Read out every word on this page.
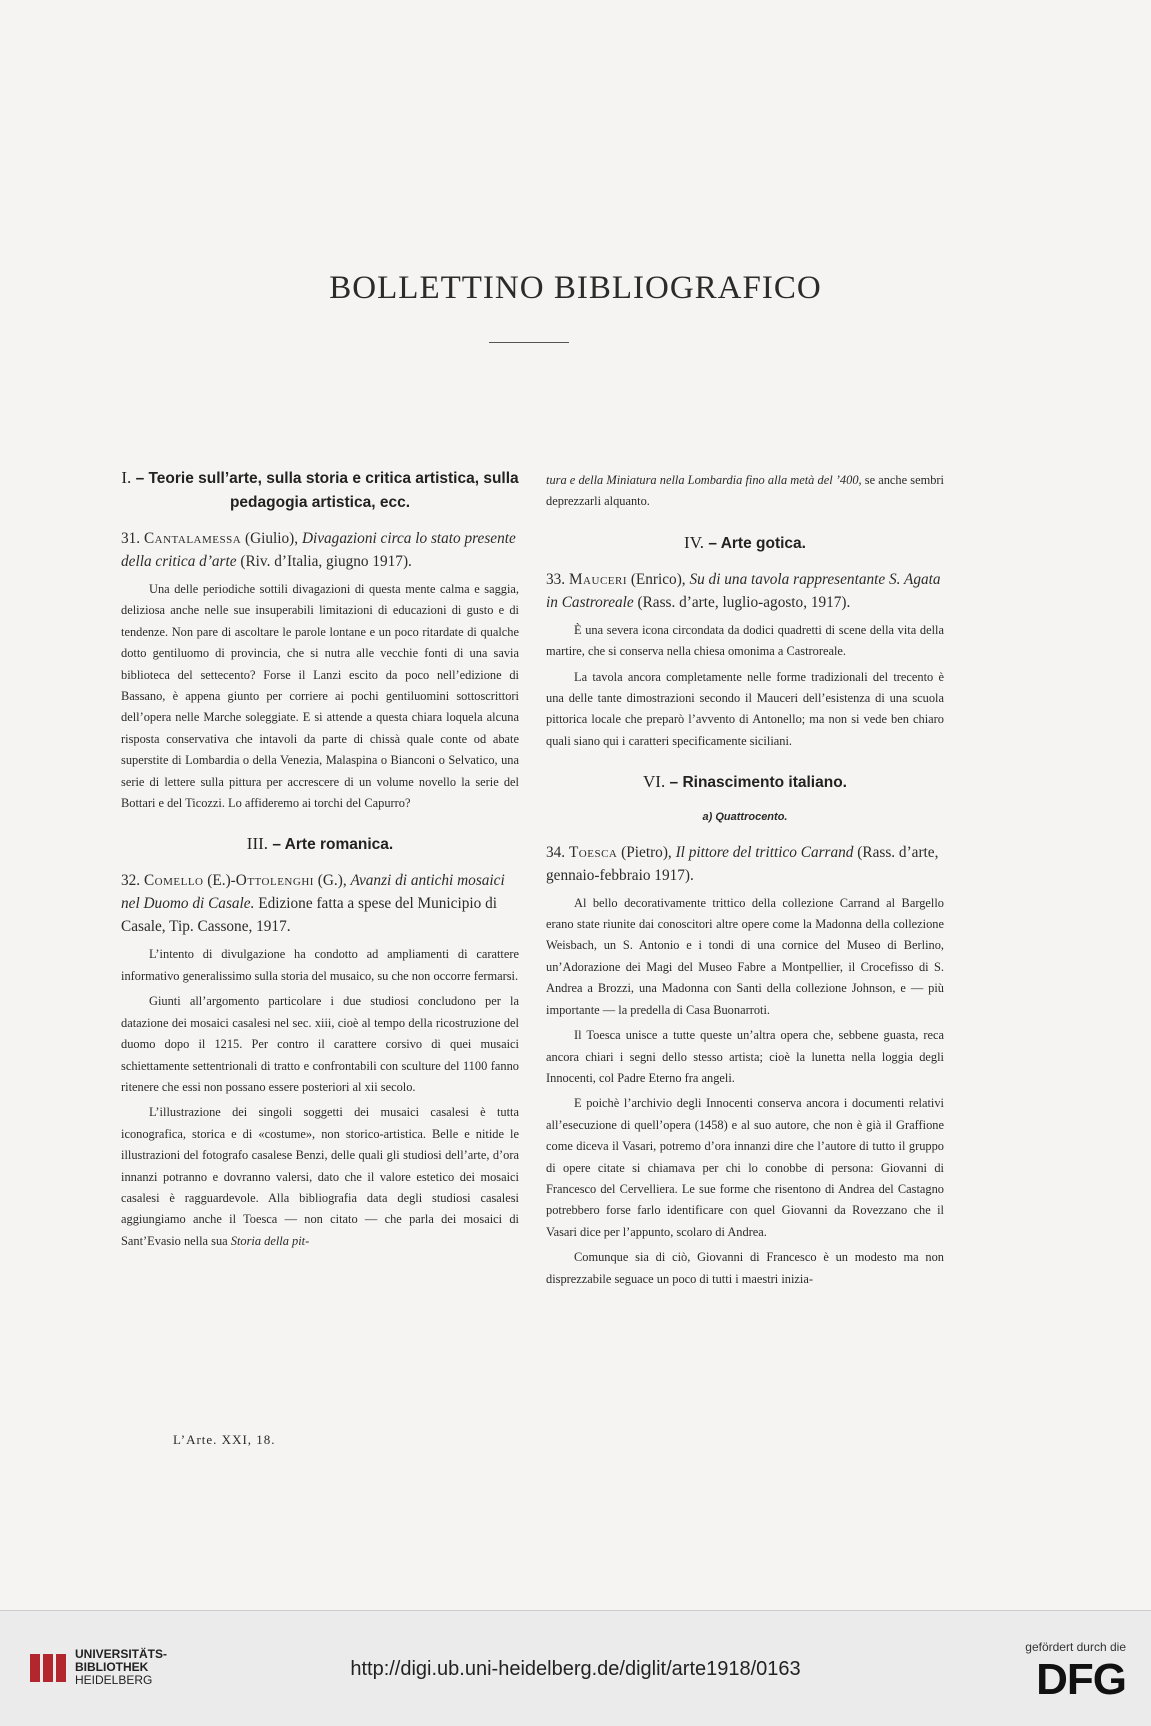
BOLLETTINO BIBLIOGRAFICO
I. – Teorie sull’arte, sulla storia e critica artistica, sulla pedagogia artistica, ecc.
31. Cantalamessa (Giulio), Divagazioni circa lo stato presente della critica d’arte (Riv. d’Italia, giugno 1917).

Una delle periodiche sottili divagazioni di questa mente calma e saggia, deliziosa anche nelle sue insuperabili limitazioni di educazioni di gusto e di tendenze. Non pare di ascoltare le parole lontane e un poco ritardate di qualche dotto gentiluomo di provincia, che si nutra alle vecchie fonti di una savia biblioteca del settecento? Forse il Lanzi escito da poco nell’edizione di Bassano, è appena giunto per corriere ai pochi gentiluomini sottoscrittori dell’opera nelle Marche soleggiate. E si attende a questa chiara loquela alcuna risposta conservativa che intavoli da parte di chissà quale conte od abate superstite di Lombardia o della Venezia, Malaspina o Bianconi o Selvatico, una serie di lettere sulla pittura per accrescere di un volume novello la serie del Bottari e del Ticozzi. Lo affideremo ai torchi del Capurro?

III. – Arte romanica.
32. Comello (E.)-Ottolenghi (G.), Avanzi di antichi mosaici nel Duomo di Casale. Edizione fatta a spese del Municipio di Casale, Tip. Cassone, 1917.

L’intento di divulgazione ha condotto ad ampliamenti di carattere informativo generalissimo sulla storia del musaico, su che non occorre fermarsi.

Giunti all’argomento particolare i due studiosi concludono per la datazione dei mosaici casalesi nel sec. xiii, cioè al tempo della ricostruzione del duomo dopo il 1215. Per contro il carattere corsivo di quei musaici schiettamente settentrionali di tratto e confrontabili con sculture del 1100 fanno ritenere che essi non possano essere posteriori al xii secolo.

L’illustrazione dei singoli soggetti dei musaici casalesi è tutta iconografica, storica e di «costume», non storico-artistica. Belle e nitide le illustrazioni del fotografo casalese Benzi, delle quali gli studiosi dell’arte, d’ora innanzi potranno e dovranno valersi, dato che il valore estetico dei mosaici casalesi è ragguardevole. Alla bibliografia data degli studiosi casalesi aggiungiamo anche il Toesca — non citato — che parla dei mosaici di Sant’Evasio nella sua Storia della pit-

tura e della Miniatura nella Lombardia fino alla metà del ’400, se anche sembri deprezzarli alquanto.

IV. – Arte gotica.
33. Mauceri (Enrico), Su di una tavola rappresentante S. Agata in Castroreale (Rass. d’arte, luglio-agosto, 1917).

È una severa icona circondata da dodici quadretti di scene della vita della martire, che si conserva nella chiesa omonima a Castroreale.

La tavola ancora completamente nelle forme tradizionali del trecento è una delle tante dimostrazioni secondo il Mauceri dell’esistenza di una scuola pittorica locale che preparò l’avvento di Antonello; ma non si vede ben chiaro quali siano qui i caratteri specificamente siciliani.

VI. – Rinascimento italiano.
a) Quattrocento.
34. Toesca (Pietro), Il pittore del trittico Carrand (Rass. d’arte, gennaio-febbraio 1917).

Al bello decorativamente trittico della collezione Carrand al Bargello erano state riunite dai conoscitori altre opere come la Madonna della collezione Weisbach, un S. Antonio e i tondi di una cornice del Museo di Berlino, un’Adorazione dei Magi del Museo Fabre a Montpellier, il Crocefisso di S. Andrea a Brozzi, una Madonna con Santi della collezione Johnson, e — più importante — la predella di Casa Buonarroti.

Il Toesca unisce a tutte queste un’altra opera che, sebbene guasta, reca ancora chiari i segni dello stesso artista; cioè la lunetta nella loggia degli Innocenti, col Padre Eterno fra angeli.

E poichè l’archivio degli Innocenti conserva ancora i documenti relativi all’esecuzione di quell’opera (1458) e al suo autore, che non è già il Graffione come diceva il Vasari, potremo d’ora innanzi dire che l’autore di tutto il gruppo di opere citate si chiamava per chi lo conobbe di persona: Giovanni di Francesco del Cervelliera. Le sue forme che risentono di Andrea del Castagno potrebbero forse farlo identificare con quel Giovanni da Rovezzano che il Vasari dice per l’appunto, scolaro di Andrea.

Comunque sia di ciò, Giovanni di Francesco è un modesto ma non disprezzabile seguace un poco di tutti i maestri inizia-

L’Arte. XXI, 18.
UNIVERSITÄTS-
BIBLIOTHEK
HEIDELBERG	http://digi.ub.uni-heidelberg.de/diglit/arte1918/0163
gefördert durch die
DFG
